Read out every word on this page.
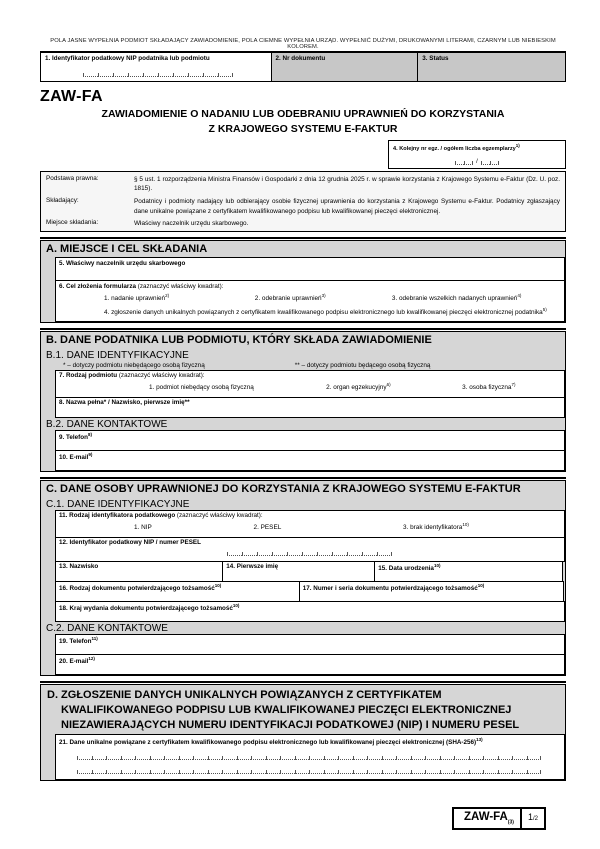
POLA JASNE WYPEŁNIA PODMIOT SKŁADAJĄCY ZAWIADOMIENIE, POLA CIEMNE WYPEŁNIA URZĄD. WYPEŁNIĆ DUŻYMI, DRUKOWANYMI LITERAMI, CZARNYM LUB NIEBIESKIM KOLOREM.
1. Identyfikator podatkowy NIP podatnika lub podmiotu	2. Nr dokumentu	3. Status
ZAW-FA
ZAWIADOMIENIE O NADANIU LUB ODEBRANIU UPRAWNIEŃ DO KORZYSTANIA
Z KRAJOWEGO SYSTEMU E-FAKTUR
4. Kolejny nr egz. / ogółem liczba egzemplarzy$^{1)}$
/
Podstawa prawna:	§ 5 ust. 1 rozporządzenia Ministra Finansów i Gospodarki z dnia 12 grudnia 2025 r. w sprawie korzystania z Krajowego Systemu e-Faktur (Dz. U. poz. 1815).
Składający:	Podatnicy i podmioty nadający lub odbierający osobie fizycznej uprawnienia do korzystania z Krajowego Systemu e-Faktur. Podatnicy zgłaszający dane unikalne powiązane z certyfikatem kwalifikowanego podpisu lub kwalifikowanej pieczęci elektronicznej.
Miejsce składania:	Właściwy naczelnik urzędu skarbowego.
A. MIEJSCE I CEL SKŁADANIA
5. Właściwy naczelnik urzędu skarbowego
6. Cel złożenia formularza (zaznaczyć właściwy kwadrat):
1. nadanie uprawnień$^{2)}$	2. odebranie uprawnień$^{3)}$	3. odebranie wszelkich nadanych uprawnień$^{4)}$
4. zgłoszenie danych unikalnych powiązanych z certyfikatem kwalifikowanego podpisu elektronicznego lub kwalifikowanej pieczęci elektronicznej podatnika$^{5)}$
B. DANE PODATNIKA LUB PODMIOTU, KTÓRY SKŁADA ZAWIADOMIENIE
B.1. DANE IDENTYFIKACYJNE
* – dotyczy podmiotu niebędącego osobą fizyczną	** – dotyczy podmiotu będącego osobą fizyczną
7. Rodzaj podmiotu (zaznaczyć właściwy kwadrat):
1. podmiot niebędący osobą fizyczną	2. organ egzekucyjny$^{6)}$	3. osoba fizyczna$^{7)}$
8. Nazwa pełna* / Nazwisko, pierwsze imię**
B.2. DANE KONTAKTOWE
9. Telefon$^{8)}$
10. E-mail$^{9)}$
C. DANE OSOBY UPRAWNIONEJ DO KORZYSTANIA Z KRAJOWEGO SYSTEMU E-FAKTUR
C.1. DANE IDENTYFIKACYJNE
11. Rodzaj identyfikatora podatkowego (zaznaczyć właściwy kwadrat):
1. NIP	2. PESEL	3. brak identyfikatora$^{10)}$
12. Identyfikator podatkowy NIP / numer PESEL
13. Nazwisko	14. Pierwsze imię	15. Data urodzenia$^{10)}$
16. Rodzaj dokumentu potwierdzającego tożsamość$^{10)}$	17. Numer i seria dokumentu potwierdzającego tożsamość$^{10)}$
18. Kraj wydania dokumentu potwierdzającego tożsamość$^{10)}$
C.2. DANE KONTAKTOWE
19. Telefon$^{11)}$
20. E-mail$^{12)}$
D. ZGŁOSZENIE DANYCH UNIKALNYCH POWIĄZANYCH Z CERTYFIKATEM KWALIFIKOWANEGO PODPISU LUB KWALIFIKOWANEJ PIECZĘCI ELEKTRONICZNEJ NIEZAWIERAJĄCYCH NUMERU IDENTYFIKACJI PODATKOWEJ (NIP) I NUMERU PESEL
21. Dane unikalne powiązane z certyfikatem kwalifikowanego podpisu elektronicznego lub kwalifikowanej pieczęci elektronicznej $(SHA-256)^{13)}$
ZAW-$FA_{(3)}$
1/2
